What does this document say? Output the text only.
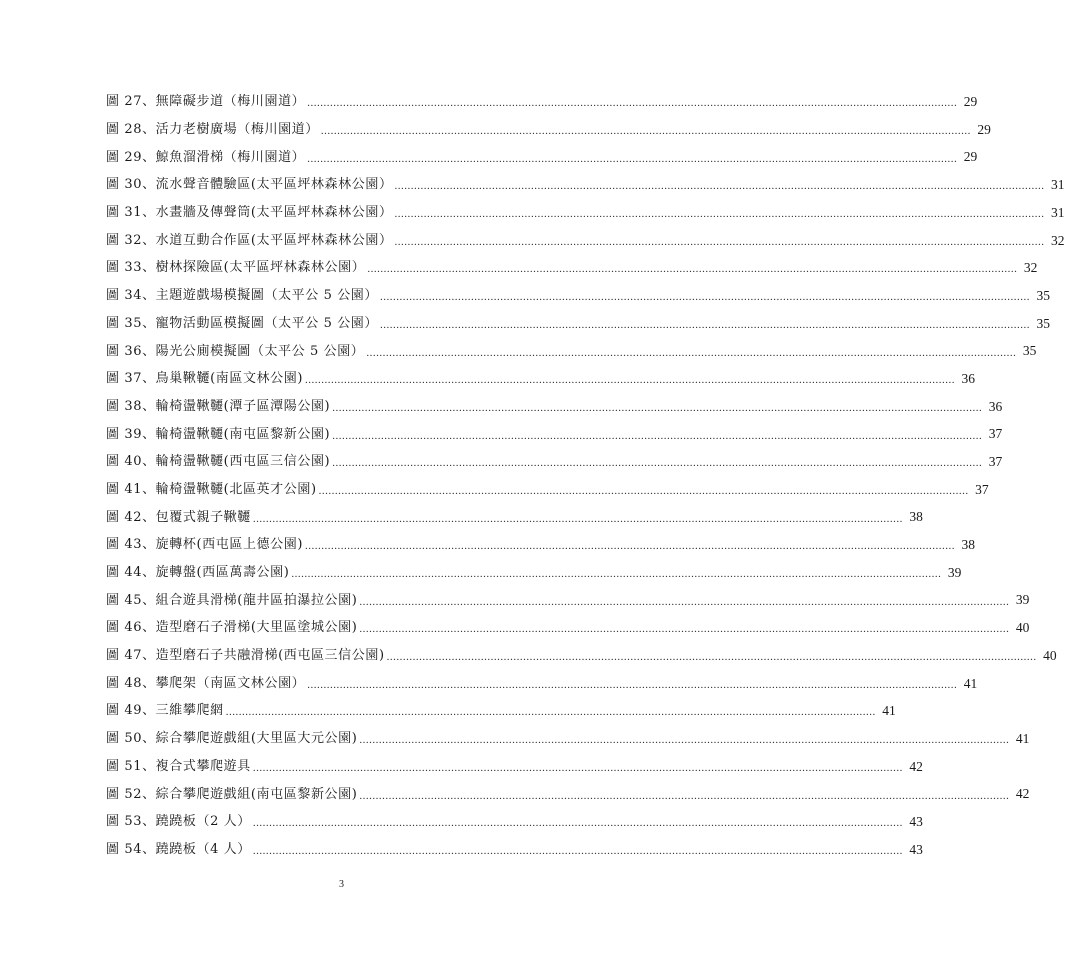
圖 27、無障礙步道（梅川園道） ........................................................................................................................................................................................................ 29
圖 28、活力老樹廣場（梅川園道） ........................................................................................................................................................................................................ 29
圖 29、鯨魚溜滑梯（梅川園道） ........................................................................................................................................................................................................ 29
圖 30、流水聲音體驗區(太平區坪林森林公園） ........................................................................................................................................................................................................ 31
圖 31、水畫牆及傳聲筒(太平區坪林森林公園） ........................................................................................................................................................................................................ 31
圖 32、水道互動合作區(太平區坪林森林公園） ........................................................................................................................................................................................................ 32
圖 33、樹林探險區(太平區坪林森林公園） ........................................................................................................................................................................................................ 32
圖 34、主題遊戲場模擬圖（太平公 5 公園） ........................................................................................................................................................................................................ 35
圖 35、寵物活動區模擬圖（太平公 5 公園） ........................................................................................................................................................................................................ 35
圖 36、陽光公廁模擬圖（太平公 5 公園） ........................................................................................................................................................................................................ 35
圖 37、鳥巢鞦韆(南區文林公園) ........................................................................................................................................................................................................ 36
圖 38、輪椅盪鞦韆(潭子區潭陽公園) ........................................................................................................................................................................................................ 36
圖 39、輪椅盪鞦韆(南屯區黎新公園) ........................................................................................................................................................................................................ 37
圖 40、輪椅盪鞦韆(西屯區三信公園) ........................................................................................................................................................................................................ 37
圖 41、輪椅盪鞦韆(北區英才公園) ........................................................................................................................................................................................................ 37
圖 42、包覆式親子鞦韆 ........................................................................................................................................................................................................ 38
圖 43、旋轉杯(西屯區上德公園) ........................................................................................................................................................................................................ 38
圖 44、旋轉盤(西區萬壽公園) ........................................................................................................................................................................................................ 39
圖 45、組合遊具滑梯(龍井區拍瀑拉公園) ........................................................................................................................................................................................................ 39
圖 46、造型磨石子滑梯(大里區塗城公園) ........................................................................................................................................................................................................ 40
圖 47、造型磨石子共融滑梯(西屯區三信公園) ........................................................................................................................................................................................................ 40
圖 48、攀爬架（南區文林公園） ........................................................................................................................................................................................................ 41
圖 49、三維攀爬網 ........................................................................................................................................................................................................ 41
圖 50、綜合攀爬遊戲組(大里區大元公園) ........................................................................................................................................................................................................ 41
圖 51、複合式攀爬遊具 ........................................................................................................................................................................................................ 42
圖 52、綜合攀爬遊戲組(南屯區黎新公園) ........................................................................................................................................................................................................ 42
圖 53、蹺蹺板（2 人） ........................................................................................................................................................................................................ 43
圖 54、蹺蹺板（4 人） ........................................................................................................................................................................................................ 43
3
